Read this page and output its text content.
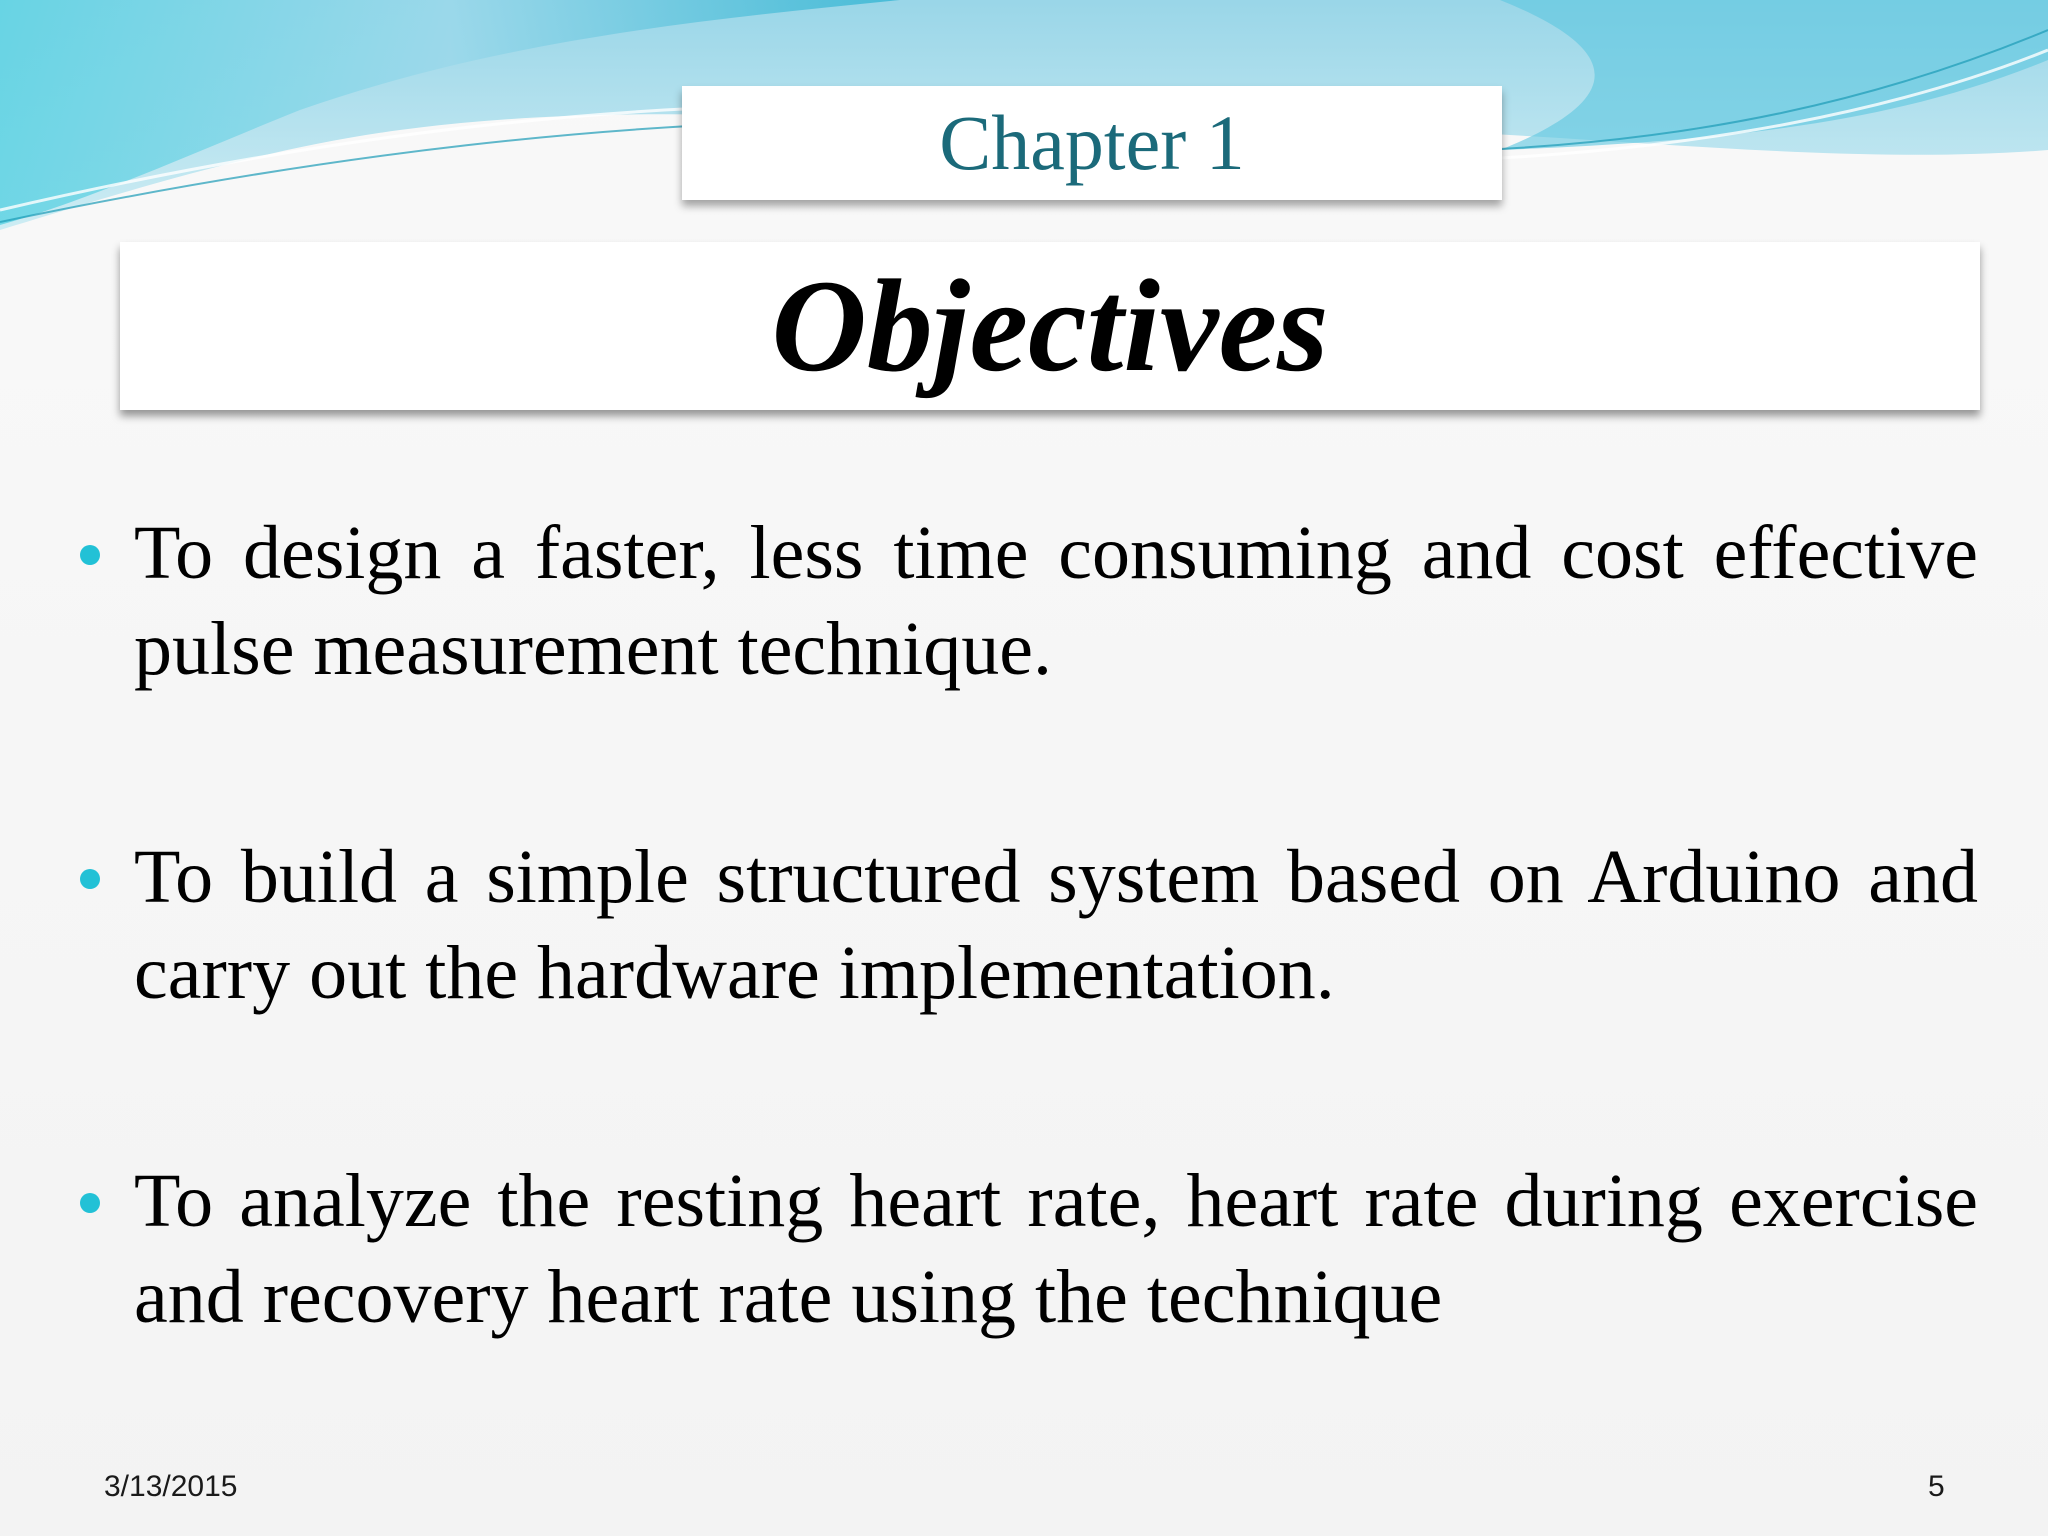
Chapter 1
Objectives
To design a faster, less time consuming and cost effective pulse measurement technique.
To build a simple structured system based on Arduino and carry out the hardware implementation.
To analyze the resting heart rate, heart rate during exercise and recovery heart rate using the technique
3/13/2015	5
